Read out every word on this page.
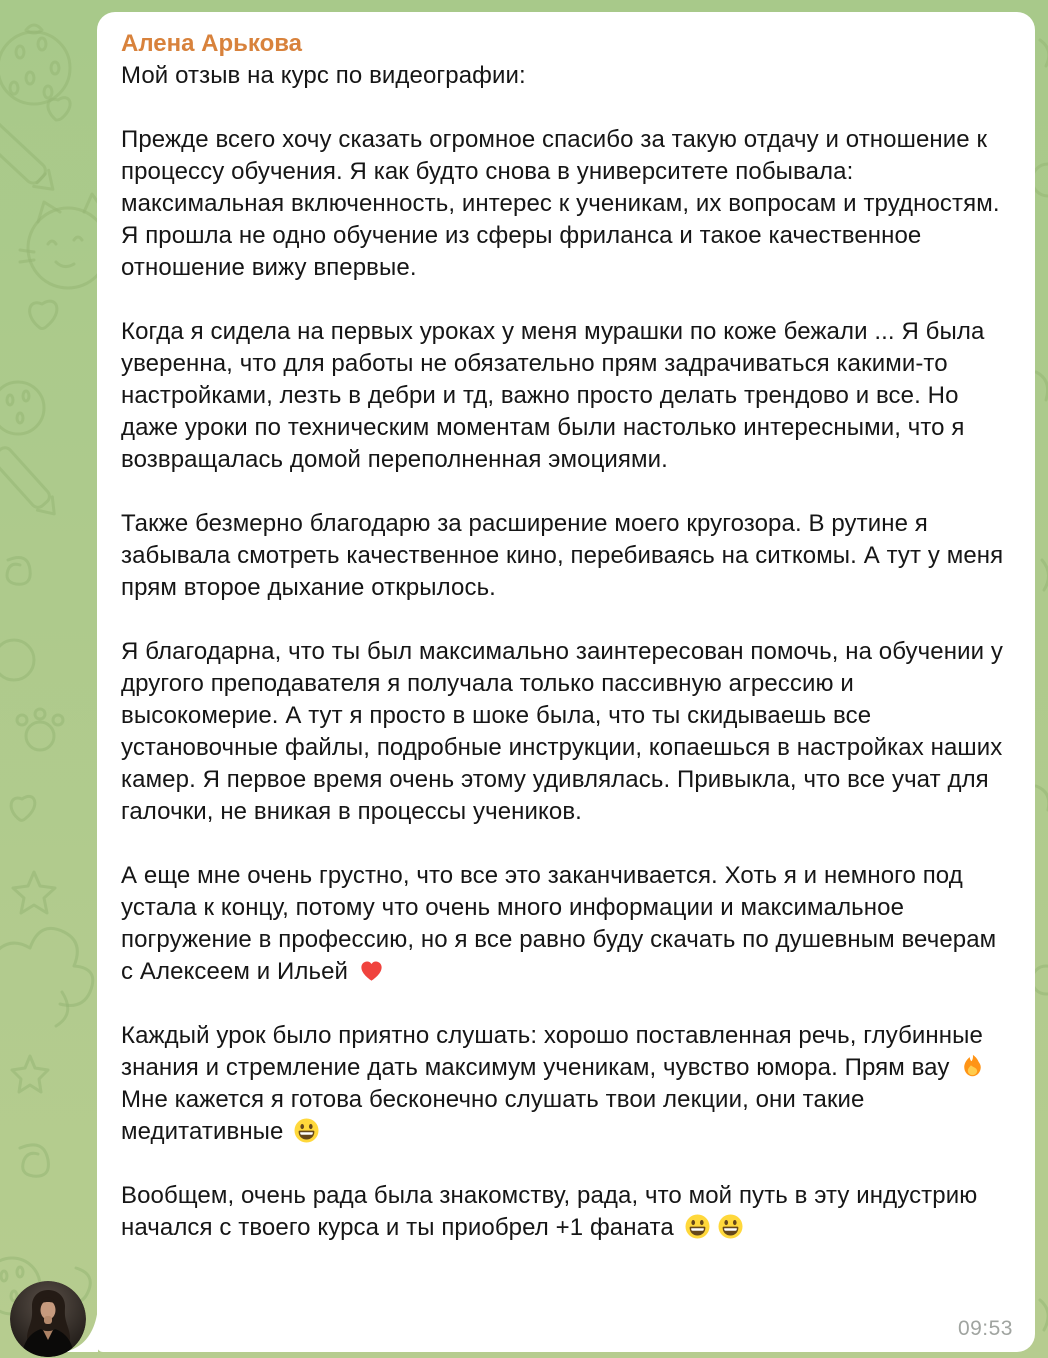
Алена Арькова
Мой отзыв на курс по видеографии:
Прежде всего хочу сказать огромное спасибо за такую отдачу и отношение к процессу обучения. Я как будто снова в университете побывала: максимальная включенность, интерес к ученикам, их вопросам и трудностям. Я прошла не одно обучение из сферы фриланса и такое качественное отношение вижу впервые.
Когда я сидела на первых уроках у меня мурашки по коже бежали ... Я была уверенна, что для работы не обязательно прям задрачиваться какими-то настройками, лезть в дебри и тд, важно просто делать трендово и все. Но даже уроки по техническим моментам были настолько интересными, что я возвращалась домой переполненная эмоциями.
Также безмерно благодарю за расширение моего кругозора. В рутине я забывала смотреть качественное кино, перебиваясь на ситкомы. А тут у меня прям второе дыхание открылось.
Я благодарна, что ты был максимально заинтересован помочь, на обучении у другого преподавателя я получала только пассивную агрессию и высокомерие. А тут я просто в шоке была, что ты скидываешь все установочные файлы, подробные инструкции, копаешься в настройках наших камер. Я первое время очень этому удивлялась. Привыкла, что все учат для галочки, не вникая в процессы учеников.
А еще мне очень грустно, что все это заканчивается. Хоть я и немного под устала к концу, потому что очень много информации и максимальное погружение в профессию, но я все равно буду скачать по душевным вечерам с Алексеем и Ильей
Каждый урок было приятно слушать: хорошо поставленная речь, глубинные знания и стремление дать максимум ученикам, чувство юмора. Прям вау  Мне кажется я готова бесконечно слушать твои лекции, они такие медитативные
Вообщем, очень рада была знакомству, рада, что мой путь в эту индустрию начался с твоего курса и ты приобрел +1 фаната
09:53
